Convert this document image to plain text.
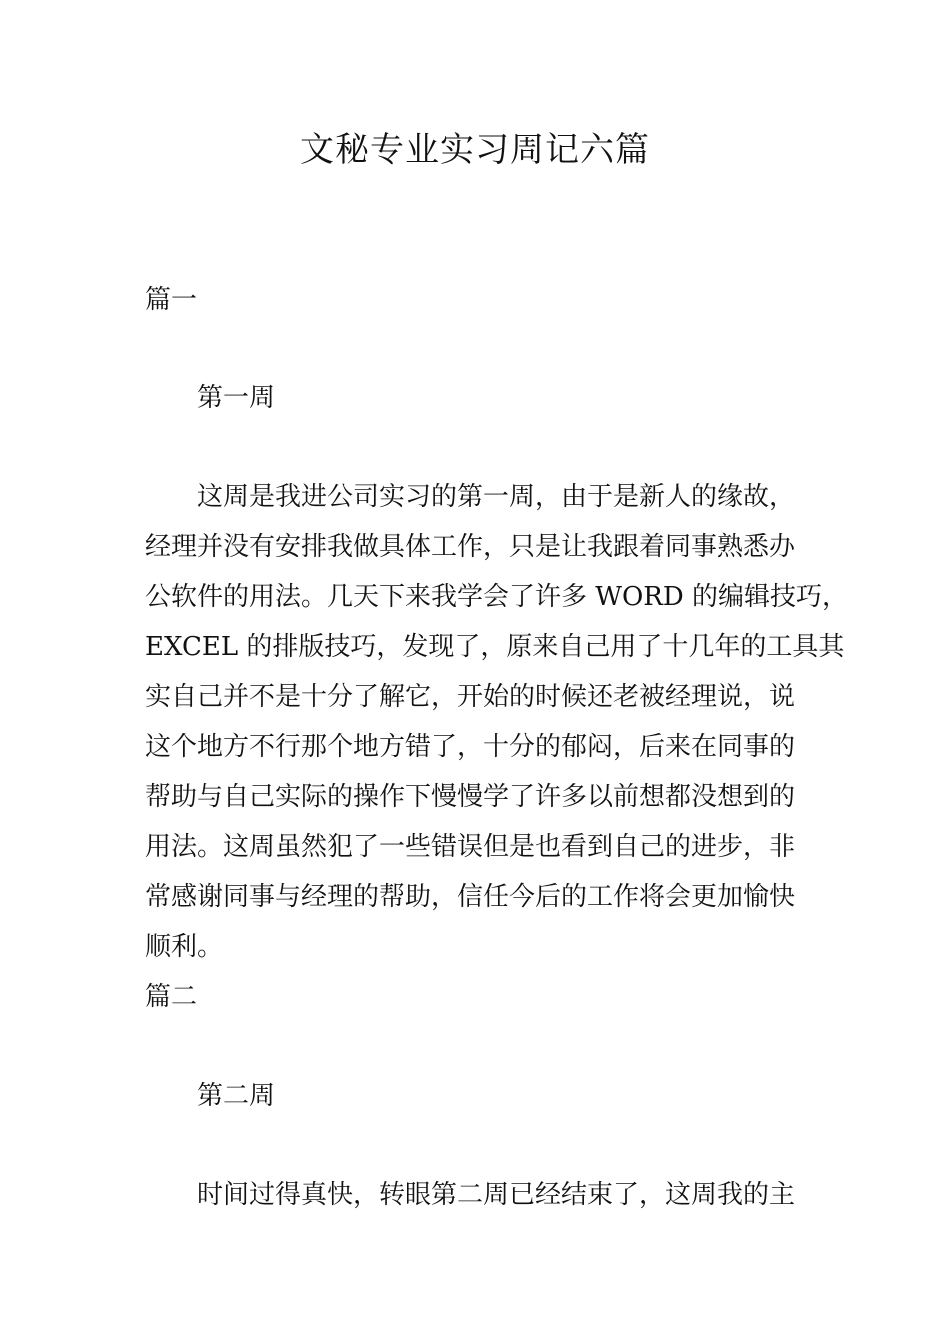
文秘专业实习周记六篇

篇一

第一周

这周是我进公司实习的第一周，由于是新人的缘故，

经理并没有安排我做具体工作，只是让我跟着同事熟悉办

公软件的用法。几天下来我学会了许多 WORD 的编辑技巧，

EXCEL 的排版技巧，发现了，原来自己用了十几年的工具其

实自己并不是十分了解它，开始的时候还老被经理说，说

这个地方不行那个地方错了，十分的郁闷，后来在同事的

帮助与自己实际的操作下慢慢学了许多以前想都没想到的

用法。这周虽然犯了一些错误但是也看到自己的进步，非

常感谢同事与经理的帮助，信任今后的工作将会更加愉快

顺利。

篇二

第二周

时间过得真快，转眼第二周已经结束了，这周我的主
